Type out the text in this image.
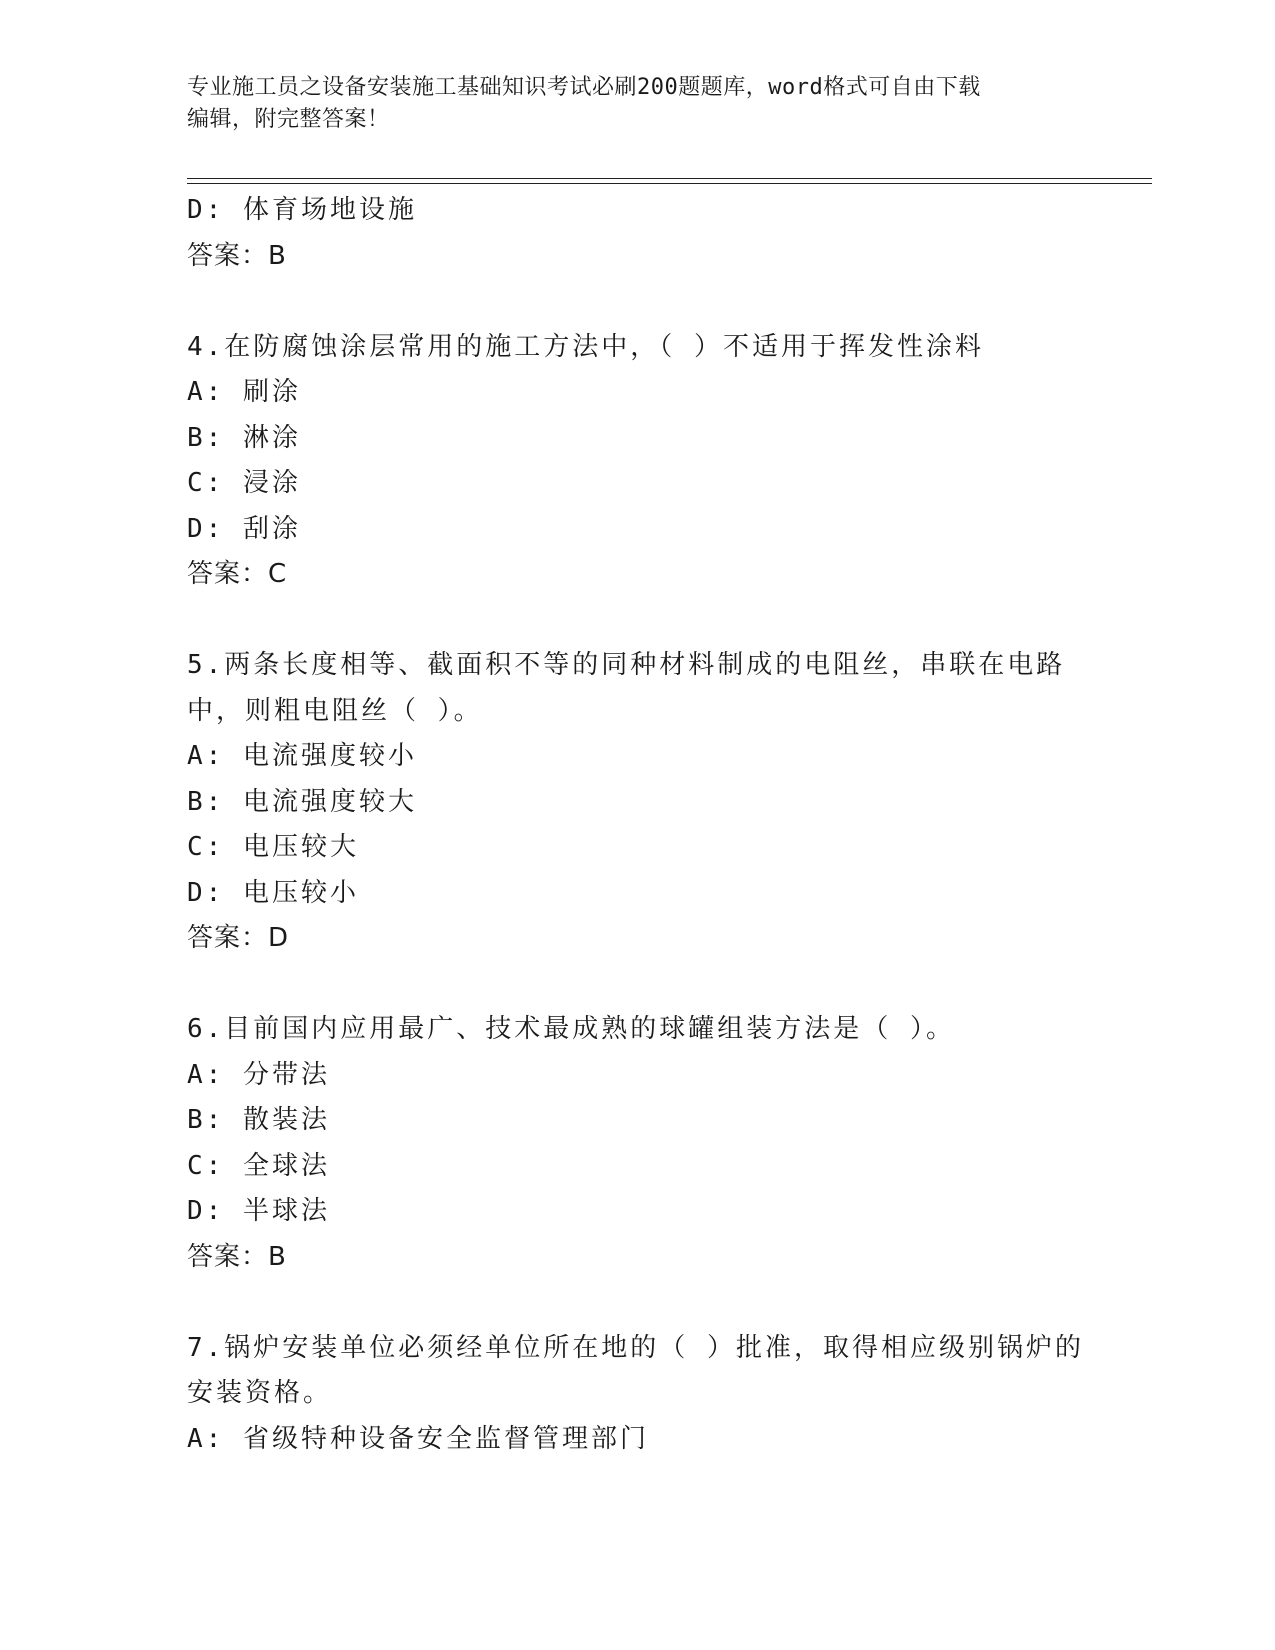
专业施工员之设备安装施工基础知识考试必刷200题题库，word格式可自由下载
编辑，附完整答案！
D: 体育场地设施
答案：B
4.在防腐蚀涂层常用的施工方法中，（ ）不适用于挥发性涂料
A: 刷涂
B: 淋涂
C: 浸涂
D: 刮涂
答案：C
5.两条长度相等、截面积不等的同种材料制成的电阻丝，串联在电路
中，则粗电阻丝（ ）。
A: 电流强度较小
B: 电流强度较大
C: 电压较大
D: 电压较小
答案：D
6.目前国内应用最广、技术最成熟的球罐组装方法是（ ）。
A: 分带法
B: 散装法
C: 全球法
D: 半球法
答案：B
7.锅炉安装单位必须经单位所在地的（ ）批准，取得相应级别锅炉的
安装资格。
A: 省级特种设备安全监督管理部门
